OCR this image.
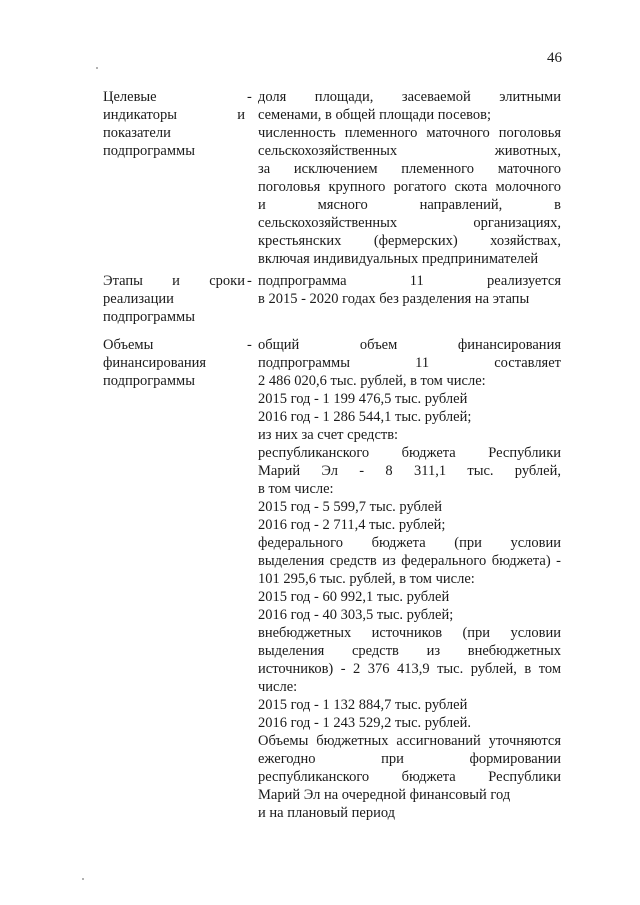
46
Целевые
индикаторы и
показатели
подпрограммы
- доля площади, засеваемой элитными
семенами, в общей площади посевов;
численность племенного маточного поголовья
сельскохозяйственных животных,
за исключением племенного маточного
поголовья крупного рогатого скота молочного
и мясного направлений, в
сельскохозяйственных организациях,
крестьянских (фермерских) хозяйствах,
включая индивидуальных предпринимателей
Этапы и сроки
реализации
подпрограммы
- подпрограмма 11 реализуется
в 2015 - 2020 годах без разделения на этапы
Объемы
финансирования
подпрограммы
- общий объем финансирования
подпрограммы 11 составляет
2 486 020,6 тыс. рублей, в том числе:
2015 год - 1 199 476,5 тыс. рублей
2016 год - 1 286 544,1 тыс. рублей;
из них за счет средств:
республиканского бюджета Республики
Марий Эл - 8 311,1 тыс. рублей,
в том числе:
2015 год - 5 599,7 тыс. рублей
2016 год - 2 711,4 тыс. рублей;
федерального бюджета (при условии
выделения средств из федерального бюджета) -
101 295,6 тыс. рублей, в том числе:
2015 год - 60 992,1 тыс. рублей
2016 год - 40 303,5 тыс. рублей;
внебюджетных источников (при условии
выделения средств из внебюджетных
источников) - 2 376 413,9 тыс. рублей, в том
числе:
2015 год - 1 132 884,7 тыс. рублей
2016 год - 1 243 529,2 тыс. рублей.
Объемы бюджетных ассигнований уточняются
ежегодно при формировании
республиканского бюджета Республики
Марий Эл на очередной финансовый год
и на плановый период
